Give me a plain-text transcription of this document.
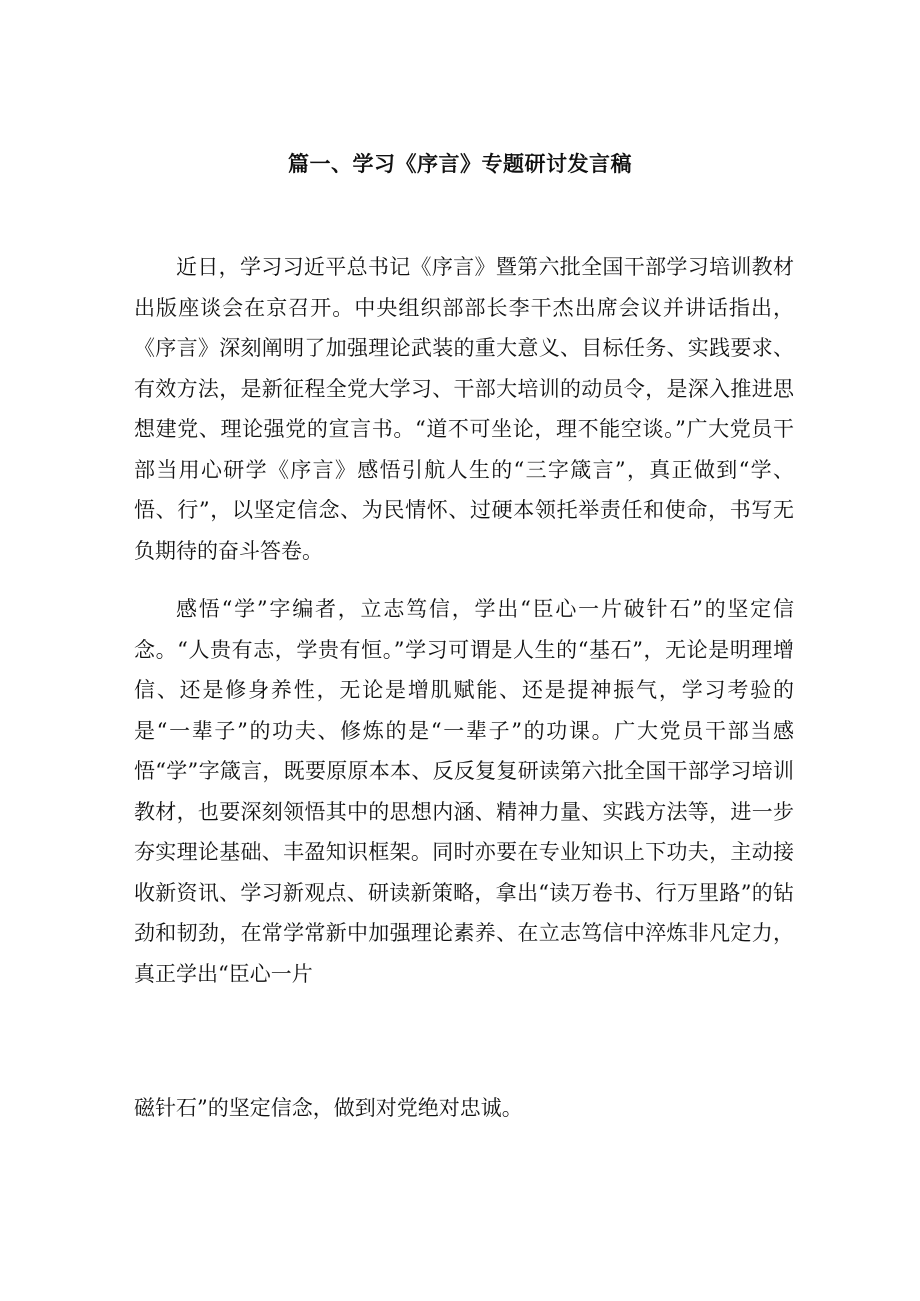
篇一、学习《序言》专题研讨发言稿

近日，学习习近平总书记《序言》暨第六批全国干部学习培训教材出版座谈会在京召开。中央组织部部长李干杰出席会议并讲话指出，《序言》深刻阐明了加强理论武装的重大意义、目标任务、实践要求、有效方法，是新征程全党大学习、干部大培训的动员令，是深入推进思想建党、理论强党的宣言书。“道不可坐论，理不能空谈。”广大党员干部当用心研学《序言》感悟引航人生的“三字箴言”，真正做到“学、悟、行”，以坚定信念、为民情怀、过硬本领托举责任和使命，书写无负期待的奋斗答卷。

感悟“学”字编者，立志笃信，学出“臣心一片破针石”的坚定信念。“人贵有志，学贵有恒。”学习可谓是人生的“基石”，无论是明理增信、还是修身养性，无论是增肌赋能、还是提神振气，学习考验的是“一辈子”的功夫、修炼的是“一辈子”的功课。广大党员干部当感悟“学”字箴言，既要原原本本、反反复复研读第六批全国干部学习培训教材，也要深刻领悟其中的思想内涵、精神力量、实践方法等，进一步夯实理论基础、丰盈知识框架。同时亦要在专业知识上下功夫，主动接收新资讯、学习新观点、研读新策略，拿出“读万卷书、行万里路”的钻劲和韧劲，在常学常新中加强理论素养、在立志笃信中淬炼非凡定力，真正学出“臣心一片

磁针石”的坚定信念，做到对党绝对忠诚。
